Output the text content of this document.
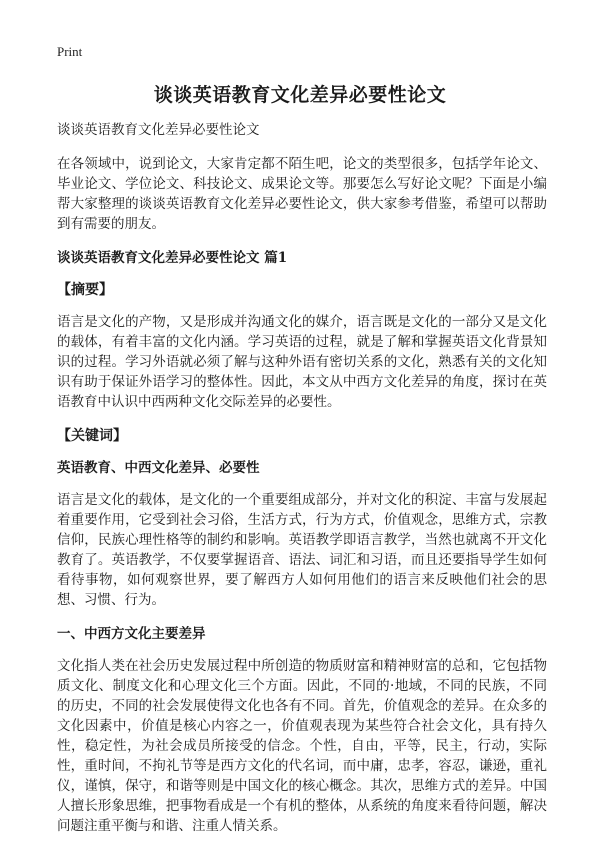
Print
谈谈英语教育文化差异必要性论文
谈谈英语教育文化差异必要性论文

在各领域中，说到论文，大家肯定都不陌生吧，论文的类型很多，包括学年论文、毕业论文、学位论文、科技论文、成果论文等。那要怎么写好论文呢？下面是小编帮大家整理的谈谈英语教育文化差异必要性论文，供大家参考借鉴，希望可以帮助到有需要的朋友。

谈谈英语教育文化差异必要性论文 篇1
【摘要】

语言是文化的产物，又是形成并沟通文化的媒介，语言既是文化的一部分又是文化的载体，有着丰富的文化内涵。学习英语的过程，就是了解和掌握英语文化背景知识的过程。学习外语就必须了解与这种外语有密切关系的文化，熟悉有关的文化知识有助于保证外语学习的整体性。因此，本文从中西方文化差异的角度，探讨在英语教育中认识中西两种文化交际差异的必要性。

【关键词】
英语教育、中西文化差异、必要性

语言是文化的载体，是文化的一个重要组成部分，并对文化的积淀、丰富与发展起着重要作用，它受到社会习俗，生活方式，行为方式，价值观念，思维方式，宗教信仰，民族心理性格等的制约和影响。英语教学即语言教学，当然也就离不开文化教育了。英语教学，不仅要掌握语音、语法、词汇和习语，而且还要指导学生如何看待事物，如何观察世界，要了解西方人如何用他们的语言来反映他们社会的思想、习惯、行为。

一、中西方文化主要差异

文化指人类在社会历史发展过程中所创造的物质财富和精神财富的总和，它包括物质文化、制度文化和心理文化三个方面。因此，不同的·地域，不同的民族，不同的历史，不同的社会发展使得文化也各有不同。首先，价值观念的差异。在众多的文化因素中，价值是核心内容之一，价值观表现为某些符合社会文化，具有持久性，稳定性，为社会成员所接受的信念。个性，自由，平等，民主，行动，实际性，重时间，不拘礼节等是西方文化的代名词，而中庸，忠孝，容忍，谦逊，重礼仪，谨慎，保守，和谐等则是中国文化的核心概念。其次，思维方式的差异。中国人擅长形象思维，把事物看成是一个有机的整体，从系统的角度来看待问题，解决问题注重平衡与和谐、注重人情关系。
